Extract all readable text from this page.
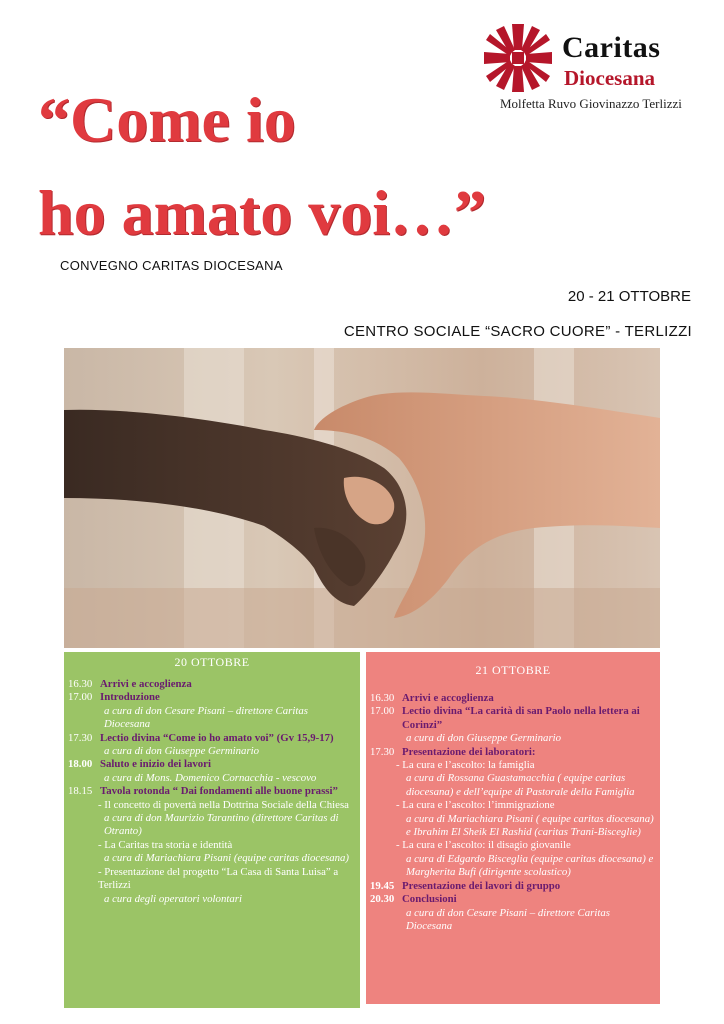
Caritas
Diocesana
Molfetta Ruvo Giovinazzo Terlizzi
“Come io
ho amato voi…”
CONVEGNO CARITAS DIOCESANA
20 - 21 OTTOBRE
CENTRO SOCIALE “SACRO CUORE” - TERLIZZI
20 OTTOBRE
16.30 Arrivi e accoglienza
17.00 Introduzione
a cura di don Cesare Pisani – direttore Caritas Diocesana
17.30 Lectio divina “Come io ho amato voi” (Gv 15,9-17)
a cura di don Giuseppe Germinario
18.00 Saluto e inizio dei lavori
a cura di Mons. Domenico Cornacchia - vescovo
18.15 Tavola rotonda “ Dai fondamenti alle buone prassi”
- Il concetto di povertà nella Dottrina Sociale della Chiesa
a cura di don Maurizio Tarantino (direttore Caritas di Otranto)
- La Caritas tra storia e identità
a cura di Mariachiara Pisani (equipe caritas diocesana)
- Presentazione del progetto “La Casa di Santa Luisa” a Terlizzi
a cura degli operatori volontari
21 OTTOBRE
16.30 Arrivi e accoglienza
17.00 Lectio divina “La carità di san Paolo nella lettera ai Corinzi”
a cura di don Giuseppe Germinario
17.30 Presentazione dei laboratori:
- La cura e l’ascolto: la famiglia
a cura di Rossana Guastamacchia ( equipe caritas diocesana) e dell’equipe di Pastorale della Famiglia
- La cura e l’ascolto: l’immigrazione
a cura di Mariachiara Pisani ( equipe caritas diocesana) e Ibrahim El Sheik El Rashid (caritas Trani-Bisceglie)
- La cura e l’ascolto: il disagio giovanile
a cura di Edgardo Bisceglia (equipe caritas diocesana) e Margherita Bufi (dirigente scolastico)
19.45 Presentazione dei lavori di gruppo
20.30 Conclusioni
a cura di don Cesare Pisani – direttore Caritas Diocesana
